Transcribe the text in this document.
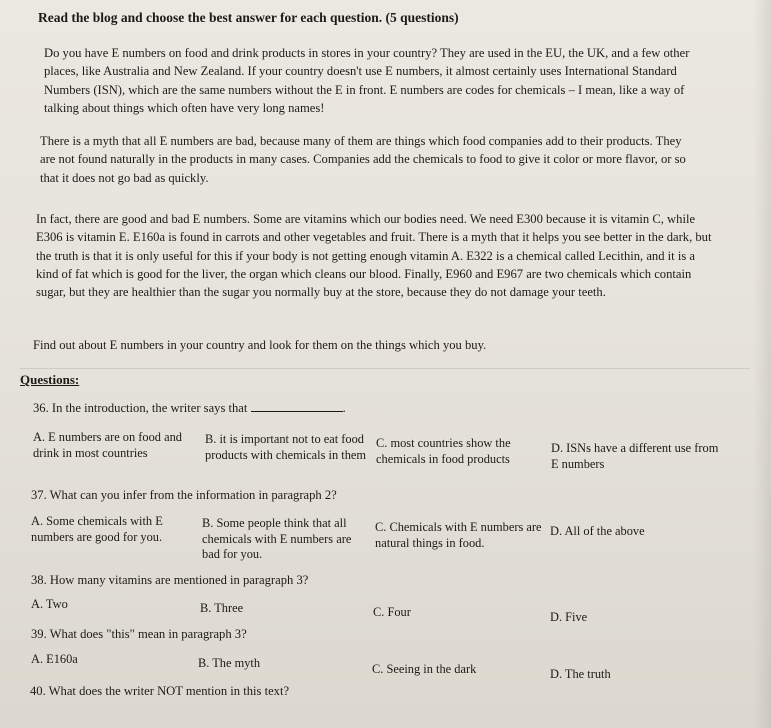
Read the blog and choose the best answer for each question. (5 questions)
Do you have E numbers on food and drink products in stores in your country? They are used in the EU, the UK, and a few other places, like Australia and New Zealand. If your country doesn't use E numbers, it almost certainly uses International Standard Numbers (ISN), which are the same numbers without the E in front. E numbers are codes for chemicals – I mean, like a way of talking about things which often have very long names!
There is a myth that all E numbers are bad, because many of them are things which food companies add to their products. They are not found naturally in the products in many cases. Companies add the chemicals to food to give it color or more flavor, or so that it does not go bad as quickly.
In fact, there are good and bad E numbers. Some are vitamins which our bodies need. We need E300 because it is vitamin C, while E306 is vitamin E. E160a is found in carrots and other vegetables and fruit. There is a myth that it helps you see better in the dark, but the truth is that it is only useful for this if your body is not getting enough vitamin A. E322 is a chemical called Lecithin, and it is a kind of fat which is good for the liver, the organ which cleans our blood. Finally, E960 and E967 are two chemicals which contain sugar, but they are healthier than the sugar you normally buy at the store, because they do not damage your teeth.
Find out about E numbers in your country and look for them on the things which you buy.
Questions:
36. In the introduction, the writer says that	.
A. E numbers are on food and drink in most countries
B. it is important not to eat food products with chemicals in them
C. most countries show the chemicals in food products
D. ISNs have a different use from E numbers
37. What can you infer from the information in paragraph 2?
A. Some chemicals with E numbers are good for you.
B. Some people think that all chemicals with E numbers are bad for you.
C. Chemicals with E numbers are natural things in food.
D. All of the above
38. How many vitamins are mentioned in paragraph 3?
A. Two	B. Three	C. Four	D. Five
39. What does "this" mean in paragraph 3?
A. E160a	B. The myth	C. Seeing in the dark	D. The truth
40. What does the writer NOT mention in this text?
